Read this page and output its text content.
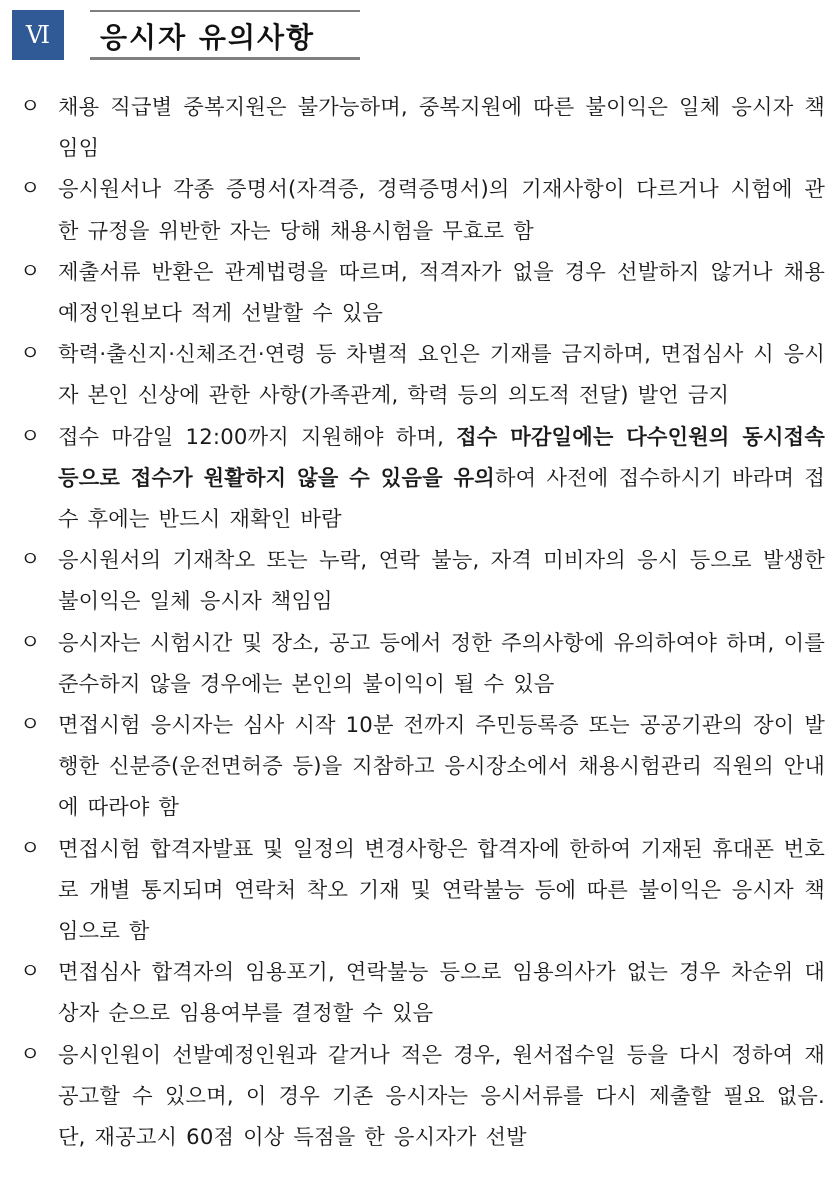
Ⅵ	응시자 유의사항
ㅇ 채용 직급별 중복지원은 불가능하며, 중복지원에 따른 불이익은 일체 응시자 책임임
ㅇ 응시원서나 각종 증명서(자격증, 경력증명서)의 기재사항이 다르거나 시험에 관한 규정을 위반한 자는 당해 채용시험을 무효로 함
ㅇ 제출서류 반환은 관계법령을 따르며, 적격자가 없을 경우 선발하지 않거나 채용 예정인원보다 적게 선발할 수 있음
ㅇ 학력·출신지·신체조건·연령 등 차별적 요인은 기재를 금지하며, 면접심사 시 응시자 본인 신상에 관한 사항(가족관계, 학력 등의 의도적 전달) 발언 금지
ㅇ 접수 마감일 12:00까지 지원해야 하며, 접수 마감일에는 다수인원의 동시접속 등으로 접수가 원활하지 않을 수 있음을 유의하여 사전에 접수하시기 바라며 접수 후에는 반드시 재확인 바람
ㅇ 응시원서의 기재착오 또는 누락, 연락 불능, 자격 미비자의 응시 등으로 발생한 불이익은 일체 응시자 책임임
ㅇ 응시자는 시험시간 및 장소, 공고 등에서 정한 주의사항에 유의하여야 하며, 이를 준수하지 않을 경우에는 본인의 불이익이 될 수 있음
ㅇ 면접시험 응시자는 심사 시작 10분 전까지 주민등록증 또는 공공기관의 장이 발행한 신분증(운전면허증 등)을 지참하고 응시장소에서 채용시험관리 직원의 안내에 따라야 함
ㅇ 면접시험 합격자발표 및 일정의 변경사항은 합격자에 한하여 기재된 휴대폰 번호로 개별 통지되며 연락처 착오 기재 및 연락불능 등에 따른 불이익은 응시자 책임으로 함
ㅇ 면접심사 합격자의 임용포기, 연락불능 등으로 임용의사가 없는 경우 차순위 대상자 순으로 임용여부를 결정할 수 있음
ㅇ 응시인원이 선발예정인원과 같거나 적은 경우, 원서접수일 등을 다시 정하여 재공고할 수 있으며, 이 경우 기존 응시자는 응시서류를 다시 제출할 필요 없음. 단, 재공고시 60점 이상 득점을 한 응시자가 선발
